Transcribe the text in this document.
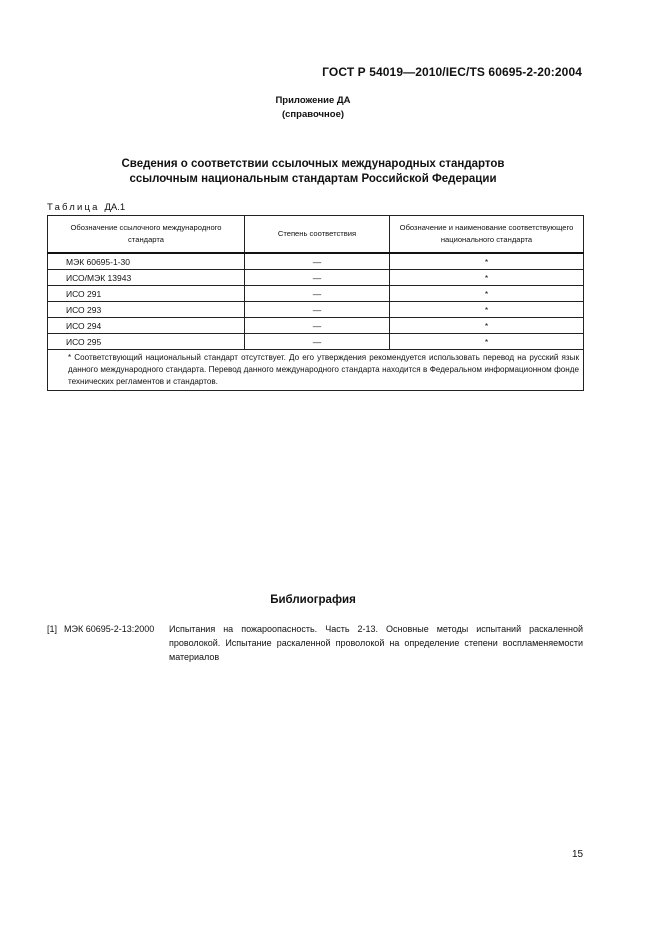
ГОСТ Р 54019—2010/IEC/TS 60695-2-20:2004
Приложение ДА
(справочное)
Сведения о соответствии ссылочных международных стандартов
ссылочным национальным стандартам Российской Федерации
Таблица ДА.1
Обозначение ссылочного международного стандарта	Степень соответствия	Обозначение и наименование соответствующего национального стандарта
МЭК 60695-1-30	—	*
ИСО/МЭК 13943	—	*
ИСО 291	—	*
ИСО 293	—	*
ИСО 294	—	*
ИСО 295	—	*

* Соответствующий национальный стандарт отсутствует. До его утверждения рекомендуется использовать перевод на русский язык данного международного стандарта. Перевод данного международного стандарта находится в Федеральном информационном фонде технических регламентов и стандартов.		
Библиография
[1] МЭК 60695-2-13:2000 Испытания на пожароопасность. Часть 2-13. Основные методы испытаний раскаленной проволокой. Испытание раскаленной проволокой на определение степени воспламеняемости материалов
15
